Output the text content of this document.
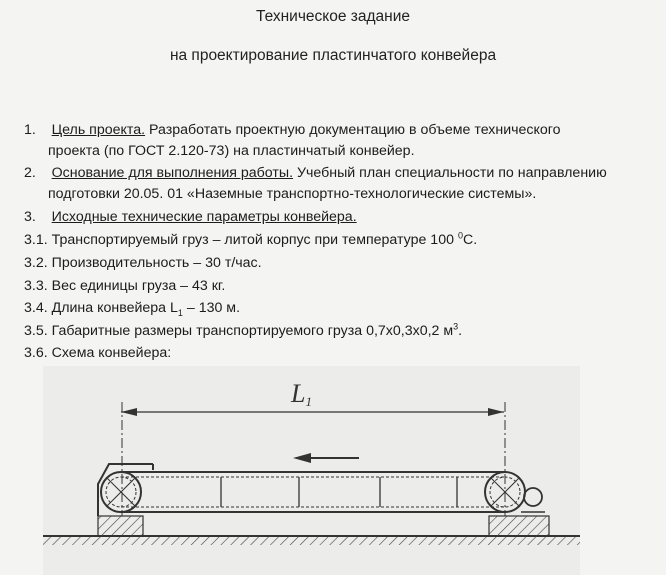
Техническое задание
на проектирование пластинчатого конвейера
1. Цель проекта. Разработать проектную документацию в объеме технического
проекта (по ГОСТ 2.120-73) на пластинчатый конвейер.
2. Основание для выполнения работы. Учебный план специальности по направлению
подготовки 20.05. 01 «Наземные транспортно-технологические системы».
3. Исходные технические параметры конвейера.
3.1. Транспортируемый груз – литой корпус при температуре 100 $^0$С.
3.2. Производительность – 30 т/час.
3.3. Вес единицы груза – 43 кг.
3.4. Длина конвейера $L_1 - 130$ м.
3.5. Габаритные размеры транспортируемого груза 0,7х0,3х0,2 $м^3$.
3.6. Схема конвейера:
L1
